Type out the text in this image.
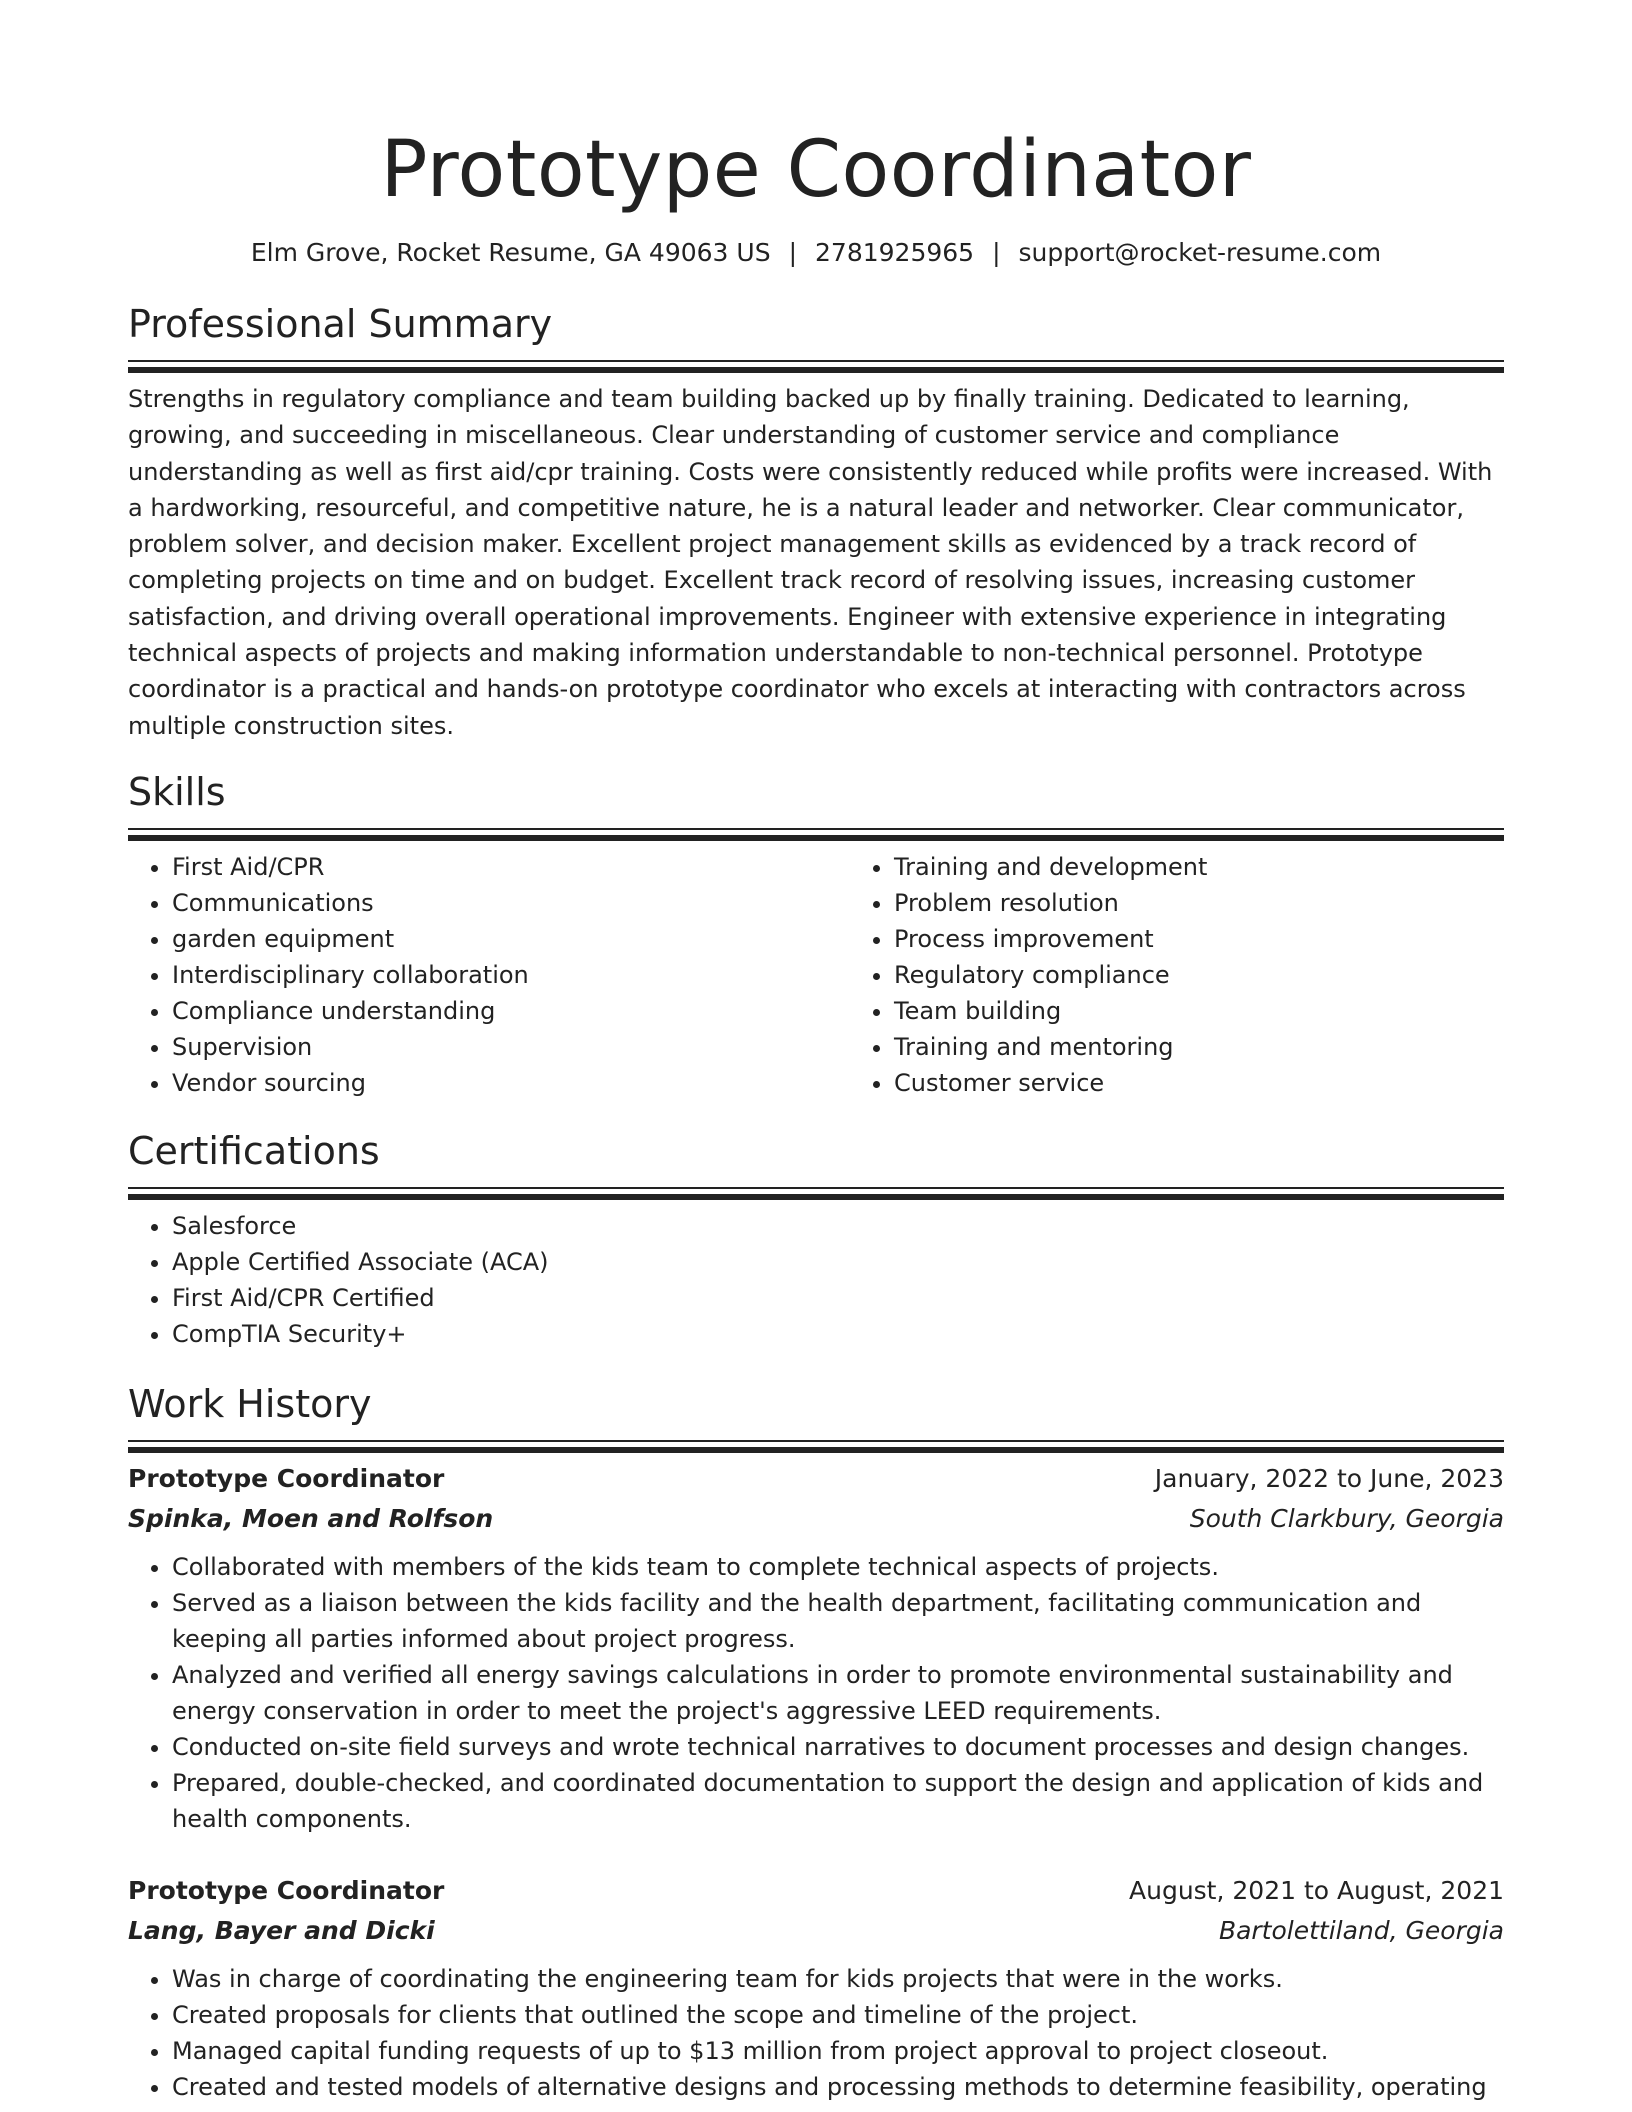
Prototype Coordinator
Elm Grove, Rocket Resume, GA 49063 US | 2781925965 | support@rocket-resume.com
Professional Summary

Strengths in regulatory compliance and team building backed up by finally training. Dedicated to learning, growing, and succeeding in miscellaneous. Clear understanding of customer service and compliance understanding as well as first aid/cpr training. Costs were consistently reduced while profits were increased. With a hardworking, resourceful, and competitive nature, he is a natural leader and networker. Clear communicator, problem solver, and decision maker. Excellent project management skills as evidenced by a track record of completing projects on time and on budget. Excellent track record of resolving issues, increasing customer satisfaction, and driving overall operational improvements. Engineer with extensive experience in integrating technical aspects of projects and making information understandable to non-technical personnel. Prototype coordinator is a practical and hands-on prototype coordinator who excels at interacting with contractors across multiple construction sites.

Skills
• First Aid/CPR
• Communications
• garden equipment
• Interdisciplinary collaboration
• Compliance understanding
• Supervision
• Vendor sourcing
• Training and development
• Problem resolution
• Process improvement
• Regulatory compliance
• Team building
• Training and mentoring
• Customer service
Certifications
• Salesforce
• Apple Certified Associate (ACA)
• First Aid/CPR Certified
• CompTIA Security+
Work History
Prototype Coordinator	January, 2022 to June, 2023
Spinka, Moen and Rolfson	South Clarkbury, Georgia
• Collaborated with members of the kids team to complete technical aspects of projects.
• Served as a liaison between the kids facility and the health department, facilitating communication and keeping all parties informed about project progress.
• Analyzed and verified all energy savings calculations in order to promote environmental sustainability and energy conservation in order to meet the project's aggressive LEED requirements.
• Conducted on-site field surveys and wrote technical narratives to document processes and design changes.
• Prepared, double-checked, and coordinated documentation to support the design and application of kids and health components.
Prototype Coordinator	August, 2021 to August, 2021
Lang, Bayer and Dicki	Bartolettiland, Georgia
• Was in charge of coordinating the engineering team for kids projects that were in the works.
• Created proposals for clients that outlined the scope and timeline of the project.
• Managed capital funding requests of up to $13 million from project approval to project closeout.
• Created and tested models of alternative designs and processing methods to determine feasibility, operating
